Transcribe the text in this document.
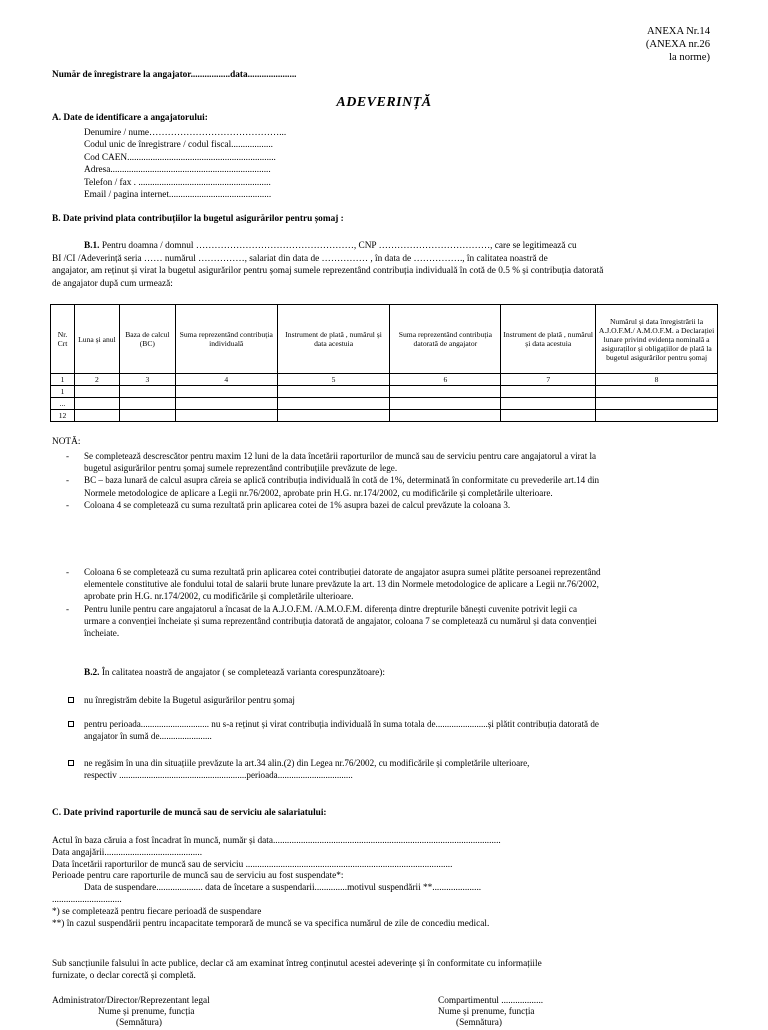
ANEXA Nr.14
(ANEXA nr.26
la norme)
Număr de înregistrare la angajator.................data.....................
ADEVERINȚĂ
A. Date de identificare a angajatorului:
Denumire / nume……………………………………...
Codul unic de înregistrare / codul fiscal..................
Cod CAEN................................................................
Adresa.....................................................................
Telefon / fax . .........................................................
Email / pagina internet............................................
B. Date privind plata contribuțiilor la bugetul asigurărilor pentru șomaj :
B.1. Pentru doamna / domnul ……………………………………………, CNP ………………………………, care se legitimează cu
BI /CI /Adeverință seria …… numărul ……………, salariat din data de …………… , în data de ……………., în calitatea noastră de
angajator, am reținut și virat la bugetul asigurărilor pentru șomaj sumele reprezentând contribuția individuală în cotă de 0.5 % și contribuția datorată
de angajator după cum urmează:
Nr. Crt	Luna și anul	Baza de calcul (BC)	Suma reprezentând contribuția individuală	Instrument de plată , numărul și data acestuia	Suma reprezentând contribuția datorată de angajator	Instrument de plată , numărul și data acestuia	Numărul și data înregistrării la A.J.O.F.M./ A.M.O.F.M. a Declarației lunare privind evidența nominală a asiguraților și obligațiilor de plată la bugetul asigurărilor pentru șomaj
1	2	3	4	5	6	7	8
1							
...							
12							
NOTĂ:
- Se completează descrescător pentru maxim 12 luni de la data încetării raporturilor de muncă sau de serviciu pentru care angajatorul a virat la
bugetul asigurărilor pentru șomaj sumele reprezentând contribuțiile prevăzute de lege.
- BC – baza lunară de calcul asupra căreia se aplică contribuția individuală în cotă de 1%, determinată în conformitate cu prevederile art.14 din
Normele metodologice de aplicare a Legii nr.76/2002, aprobate prin H.G. nr.174/2002, cu modificările și completările ulterioare.
- Coloana 4 se completează cu suma rezultată prin aplicarea cotei de 1% asupra bazei de calcul prevăzute la coloana 3.
- Coloana 6 se completează cu suma rezultată prin aplicarea cotei contribuției datorate de angajator asupra sumei plătite persoanei reprezentând
elementele constitutive ale fondului total de salarii brute lunare prevăzute la art. 13 din Normele metodologice de aplicare a Legii nr.76/2002,
aprobate prin H.G. nr.174/2002, cu modificările și completările ulterioare.
- Pentru lunile pentru care angajatorul a încasat de la A.J.O.F.M. /A.M.O.F.M. diferența dintre drepturile bănești cuvenite potrivit legii ca
urmare a convenției încheiate și suma reprezentând contribuția datorată de angajator, coloana 7 se completează cu numărul și data convenției
încheiate.
B.2. În calitatea noastră de angajator ( se completează varianta corespunzătoare):
nu înregistrăm debite la Bugetul asigurărilor pentru șomaj
pentru perioada.............................. nu s-a reținut și virat contribuția individuală în suma totala de.......................și plătit contribuția datorată de
angajator în sumă de.......................
ne regăsim în una din situațiile prevăzute la art.34 alin.(2) din Legea nr.76/2002, cu modificările și completările ulterioare,
respectiv ........................................................perioada.................................
C. Date privind raporturile de muncă sau de serviciu ale salariatului:
Actul în baza căruia a fost încadrat în muncă, număr și data..................................................................................................
Data angajării..........................................
Data încetării raporturilor de muncă sau de serviciu .........................................................................................
Perioade pentru care raporturile de muncă sau de serviciu au fost suspendate*:
Data de suspendare.................... data de încetare a suspendarii..............motivul suspendării **.....................
..............................
*) se completează pentru fiecare perioadă de suspendare
**) în cazul suspendării pentru incapacitate temporară de muncă se va specifica numărul de zile de concediu medical.
Sub sancțiunile falsului în acte publice, declar că am examinat întreg conținutul acestei adeverințe și în conformitate cu informațiile
furnizate, o declar corectă și completă.
Administrator/Director/Reprezentant legal
Nume și prenume, funcția
(Semnătura)
Compartimentul ..................
Nume și prenume, funcția
(Semnătura)
